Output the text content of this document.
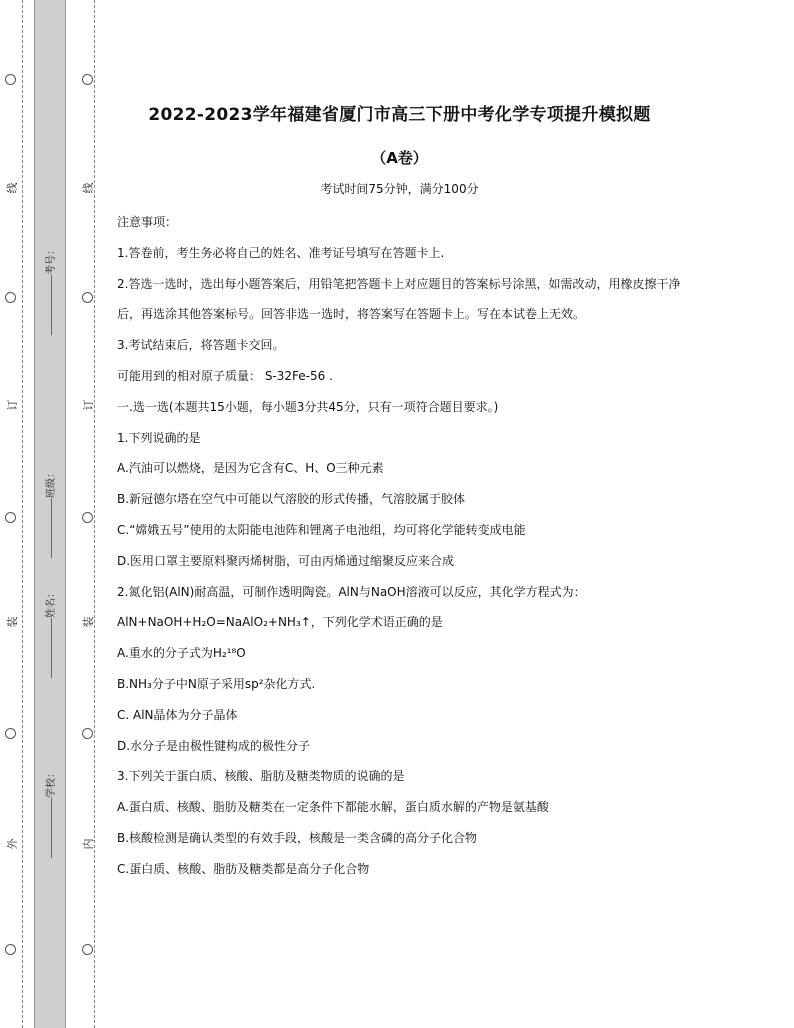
线
订
装
外
线
订
装
内
考号：
班级：
姓名：
学校：
2022-2023学年福建省厦门市高三下册中考化学专项提升模拟题
（A卷）
考试时间75分钟，满分100分
注意事项：
1.答卷前，考生务必将自己的姓名、准考证号填写在答题卡上.
2.答选一选时，选出每小题答案后，用铅笔把答题卡上对应题目的答案标号涂黑，如需改动，用橡皮擦干净后，再选涂其他答案标号。回答非选一选时，将答案写在答题卡上。写在本试卷上无效。
3.考试结束后，将答题卡交回。
可能用到的相对原子质量： S-32Fe-56 .
一.选一选(本题共15小题，每小题3分共45分，只有一项符合题目要求。)
1.下列说确的是
A.汽油可以燃烧，是因为它含有C、H、O三种元素
B.新冠德尔塔在空气中可能以气溶胶的形式传播，气溶胶属于胶体
C.“嫦娥五号”使用的太阳能电池阵和锂离子电池组，均可将化学能转变成电能
D.医用口罩主要原料聚丙烯树脂，可由丙烯通过缩聚反应来合成
2.氮化铝(AlN)耐高温，可制作透明陶瓷。AlN与NaOH溶液可以反应，其化学方程式为：
AlN+NaOH+H₂O=NaAlO₂+NH₃↑，下列化学术语正确的是
A.重水的分子式为H₂¹⁸O
B.NH₃分子中N原子采用sp²杂化方式.
C. AlN晶体为分子晶体
D.水分子是由极性键构成的极性分子
3.下列关于蛋白质、核酸、脂肪及糖类物质的说确的是
A.蛋白质、核酸、脂肪及糖类在一定条件下都能水解，蛋白质水解的产物是氨基酸
B.核酸检测是确认类型的有效手段，核酸是一类含磷的高分子化合物
C.蛋白质、核酸、脂肪及糖类都是高分子化合物
